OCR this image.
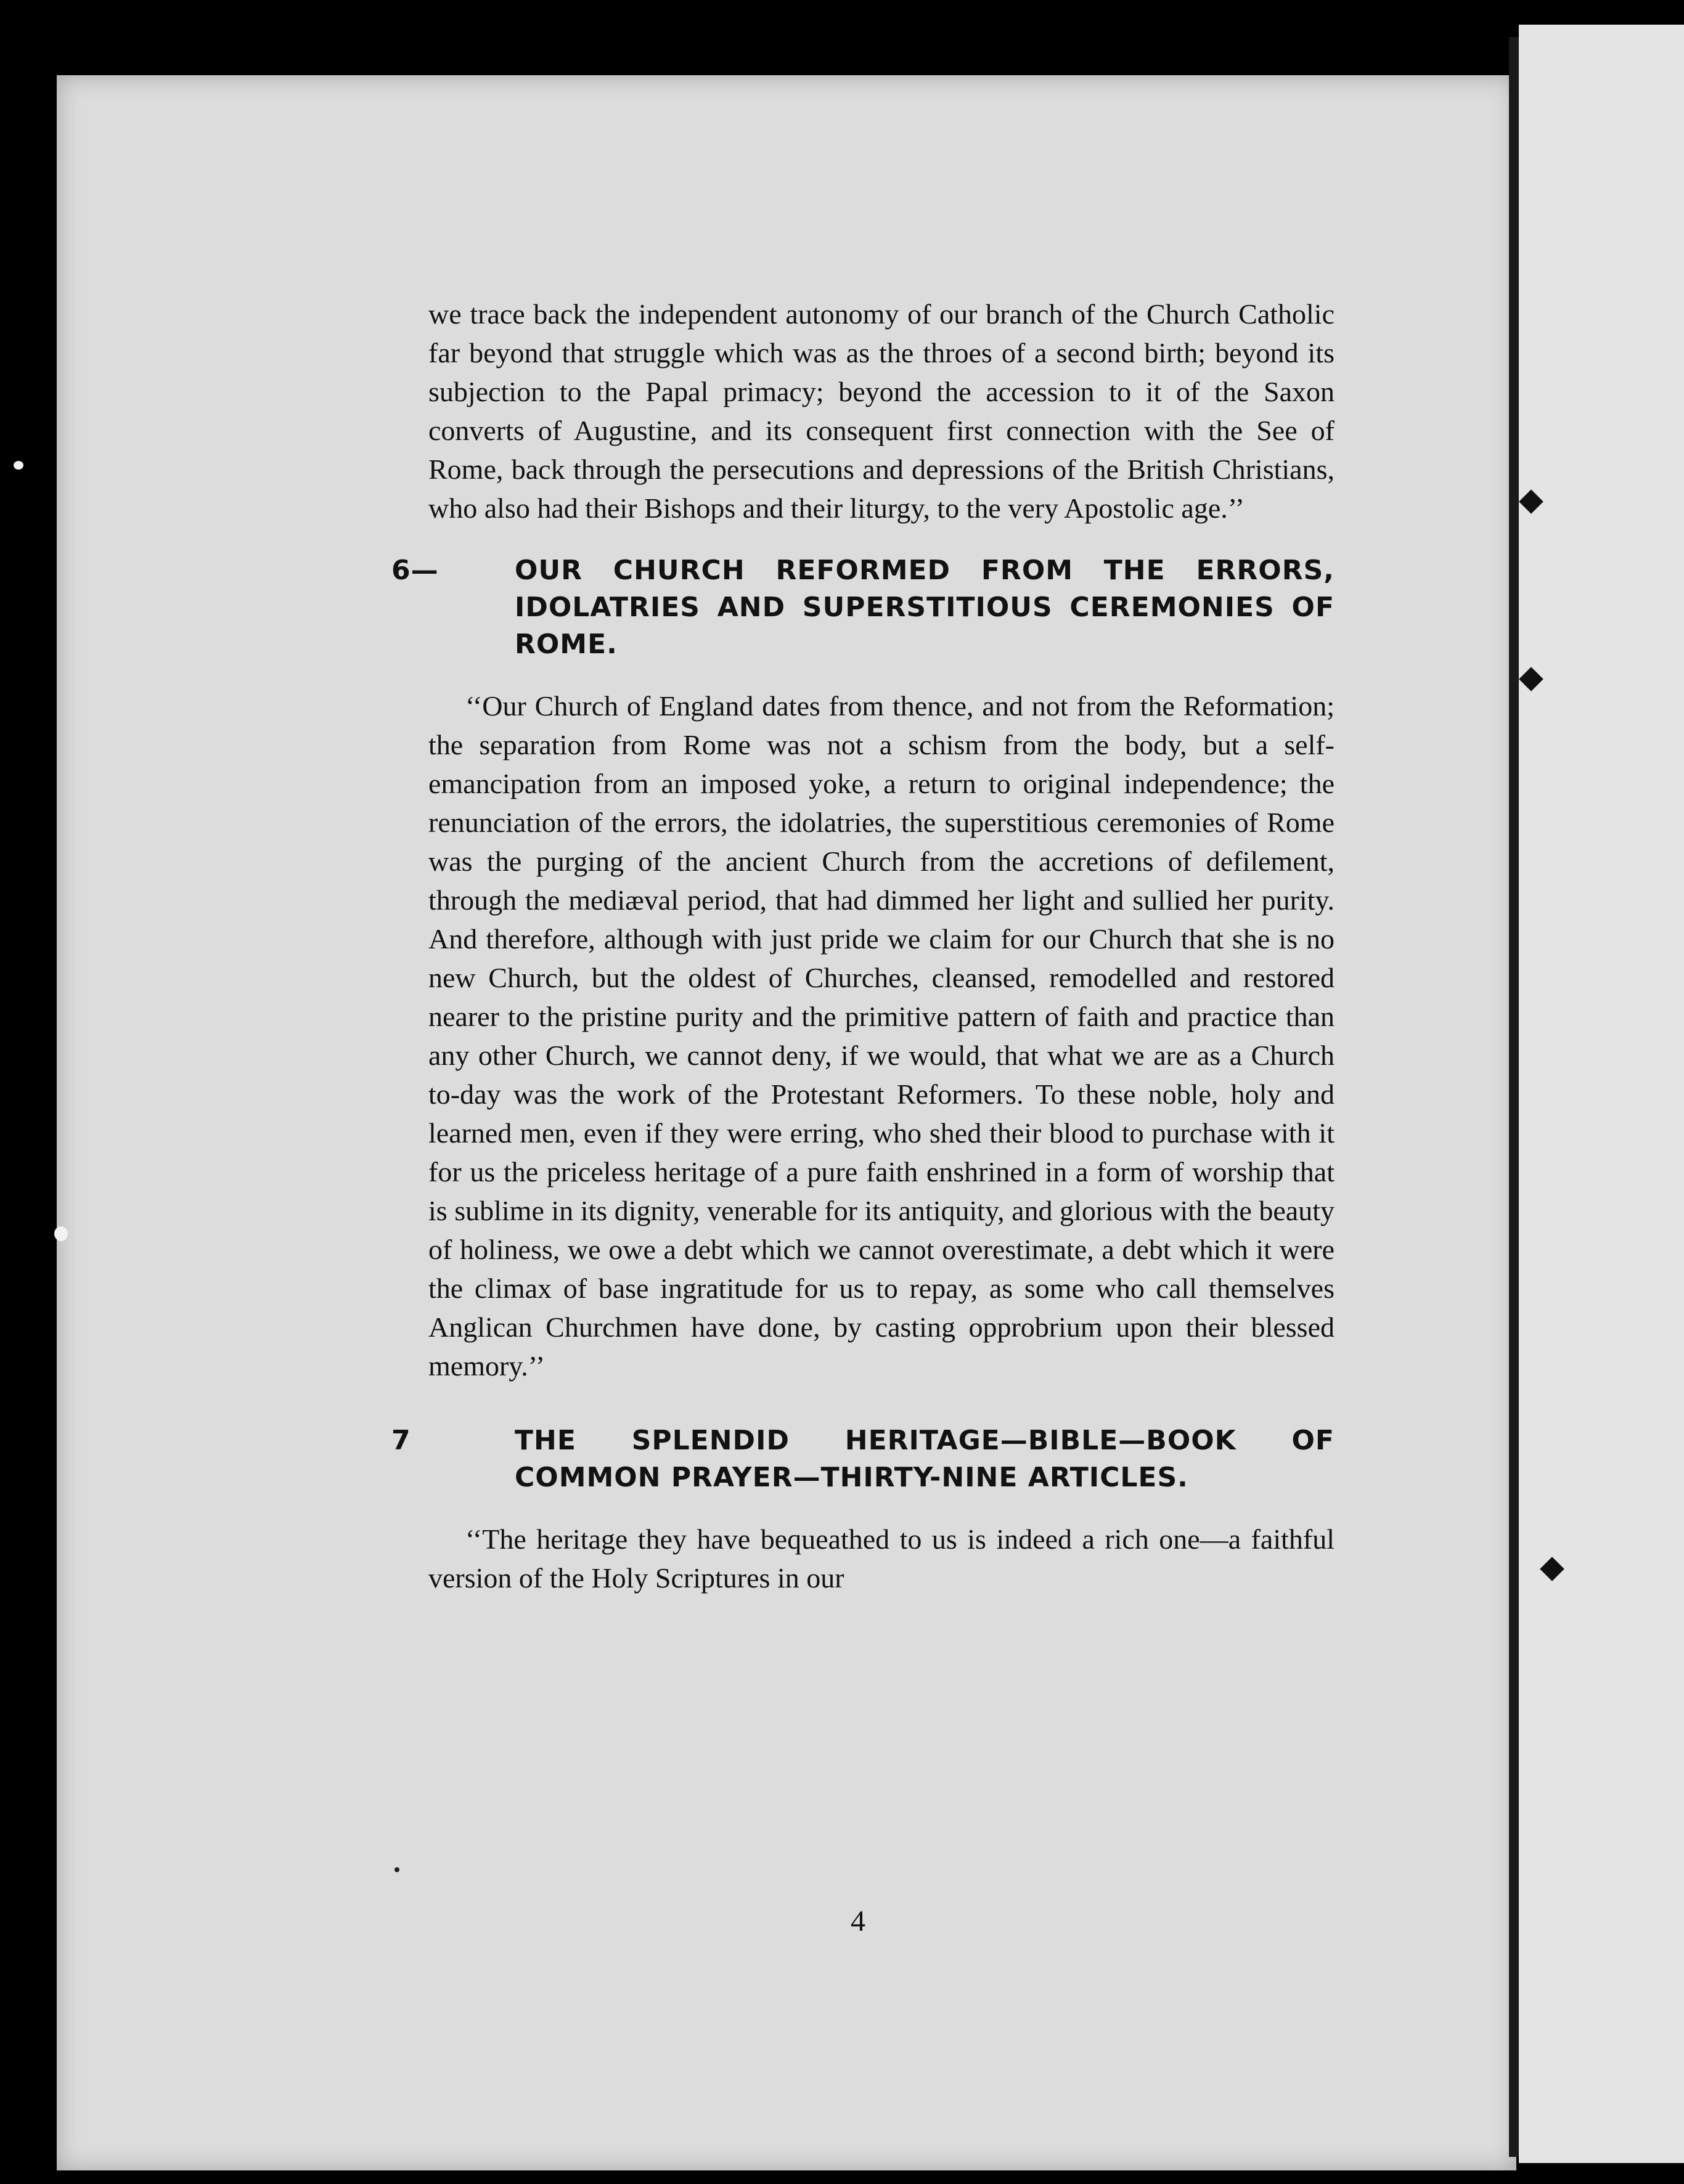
we trace back the independent autonomy of our branch of the Church Catholic far beyond that struggle which was as the throes of a second birth; beyond its subjection to the Papal primacy; beyond the accession to it of the Saxon converts of Augustine, and its consequent first connection with the See of Rome, back through the persecutions and depressions of the British Christians, who also had their Bishops and their liturgy, to the very Apostolic age.’’

6—	OUR CHURCH REFORMED FROM THE ERRORS, IDOLATRIES AND SUPERSTITIOUS CEREMONIES OF ROME.

‘‘Our Church of England dates from thence, and not from the Reformation; the separation from Rome was not a schism from the body, but a self-emancipation from an imposed yoke, a return to original independence; the renunciation of the errors, the idolatries, the superstitious ceremonies of Rome was the purging of the ancient Church from the accretions of defilement, through the mediæval period, that had dimmed her light and sullied her purity. And therefore, although with just pride we claim for our Church that she is no new Church, but the oldest of Churches, cleansed, remodelled and restored nearer to the pristine purity and the primitive pattern of faith and practice than any other Church, we cannot deny, if we would, that what we are as a Church to-day was the work of the Protestant Reformers. To these noble, holy and learned men, even if they were erring, who shed their blood to purchase with it for us the priceless heritage of a pure faith enshrined in a form of worship that is sublime in its dignity, venerable for its antiquity, and glorious with the beauty of holiness, we owe a debt which we cannot overestimate, a debt which it were the climax of base ingratitude for us to repay, as some who call themselves Anglican Churchmen have done, by casting opprobrium upon their blessed memory.’’

7	THE SPLENDID HERITAGE—BIBLE—BOOK OF COMMON PRAYER—THIRTY-NINE ARTICLES.

‘‘The heritage they have bequeathed to us is indeed a rich one—a faithful version of the Holy Scriptures in our

4
